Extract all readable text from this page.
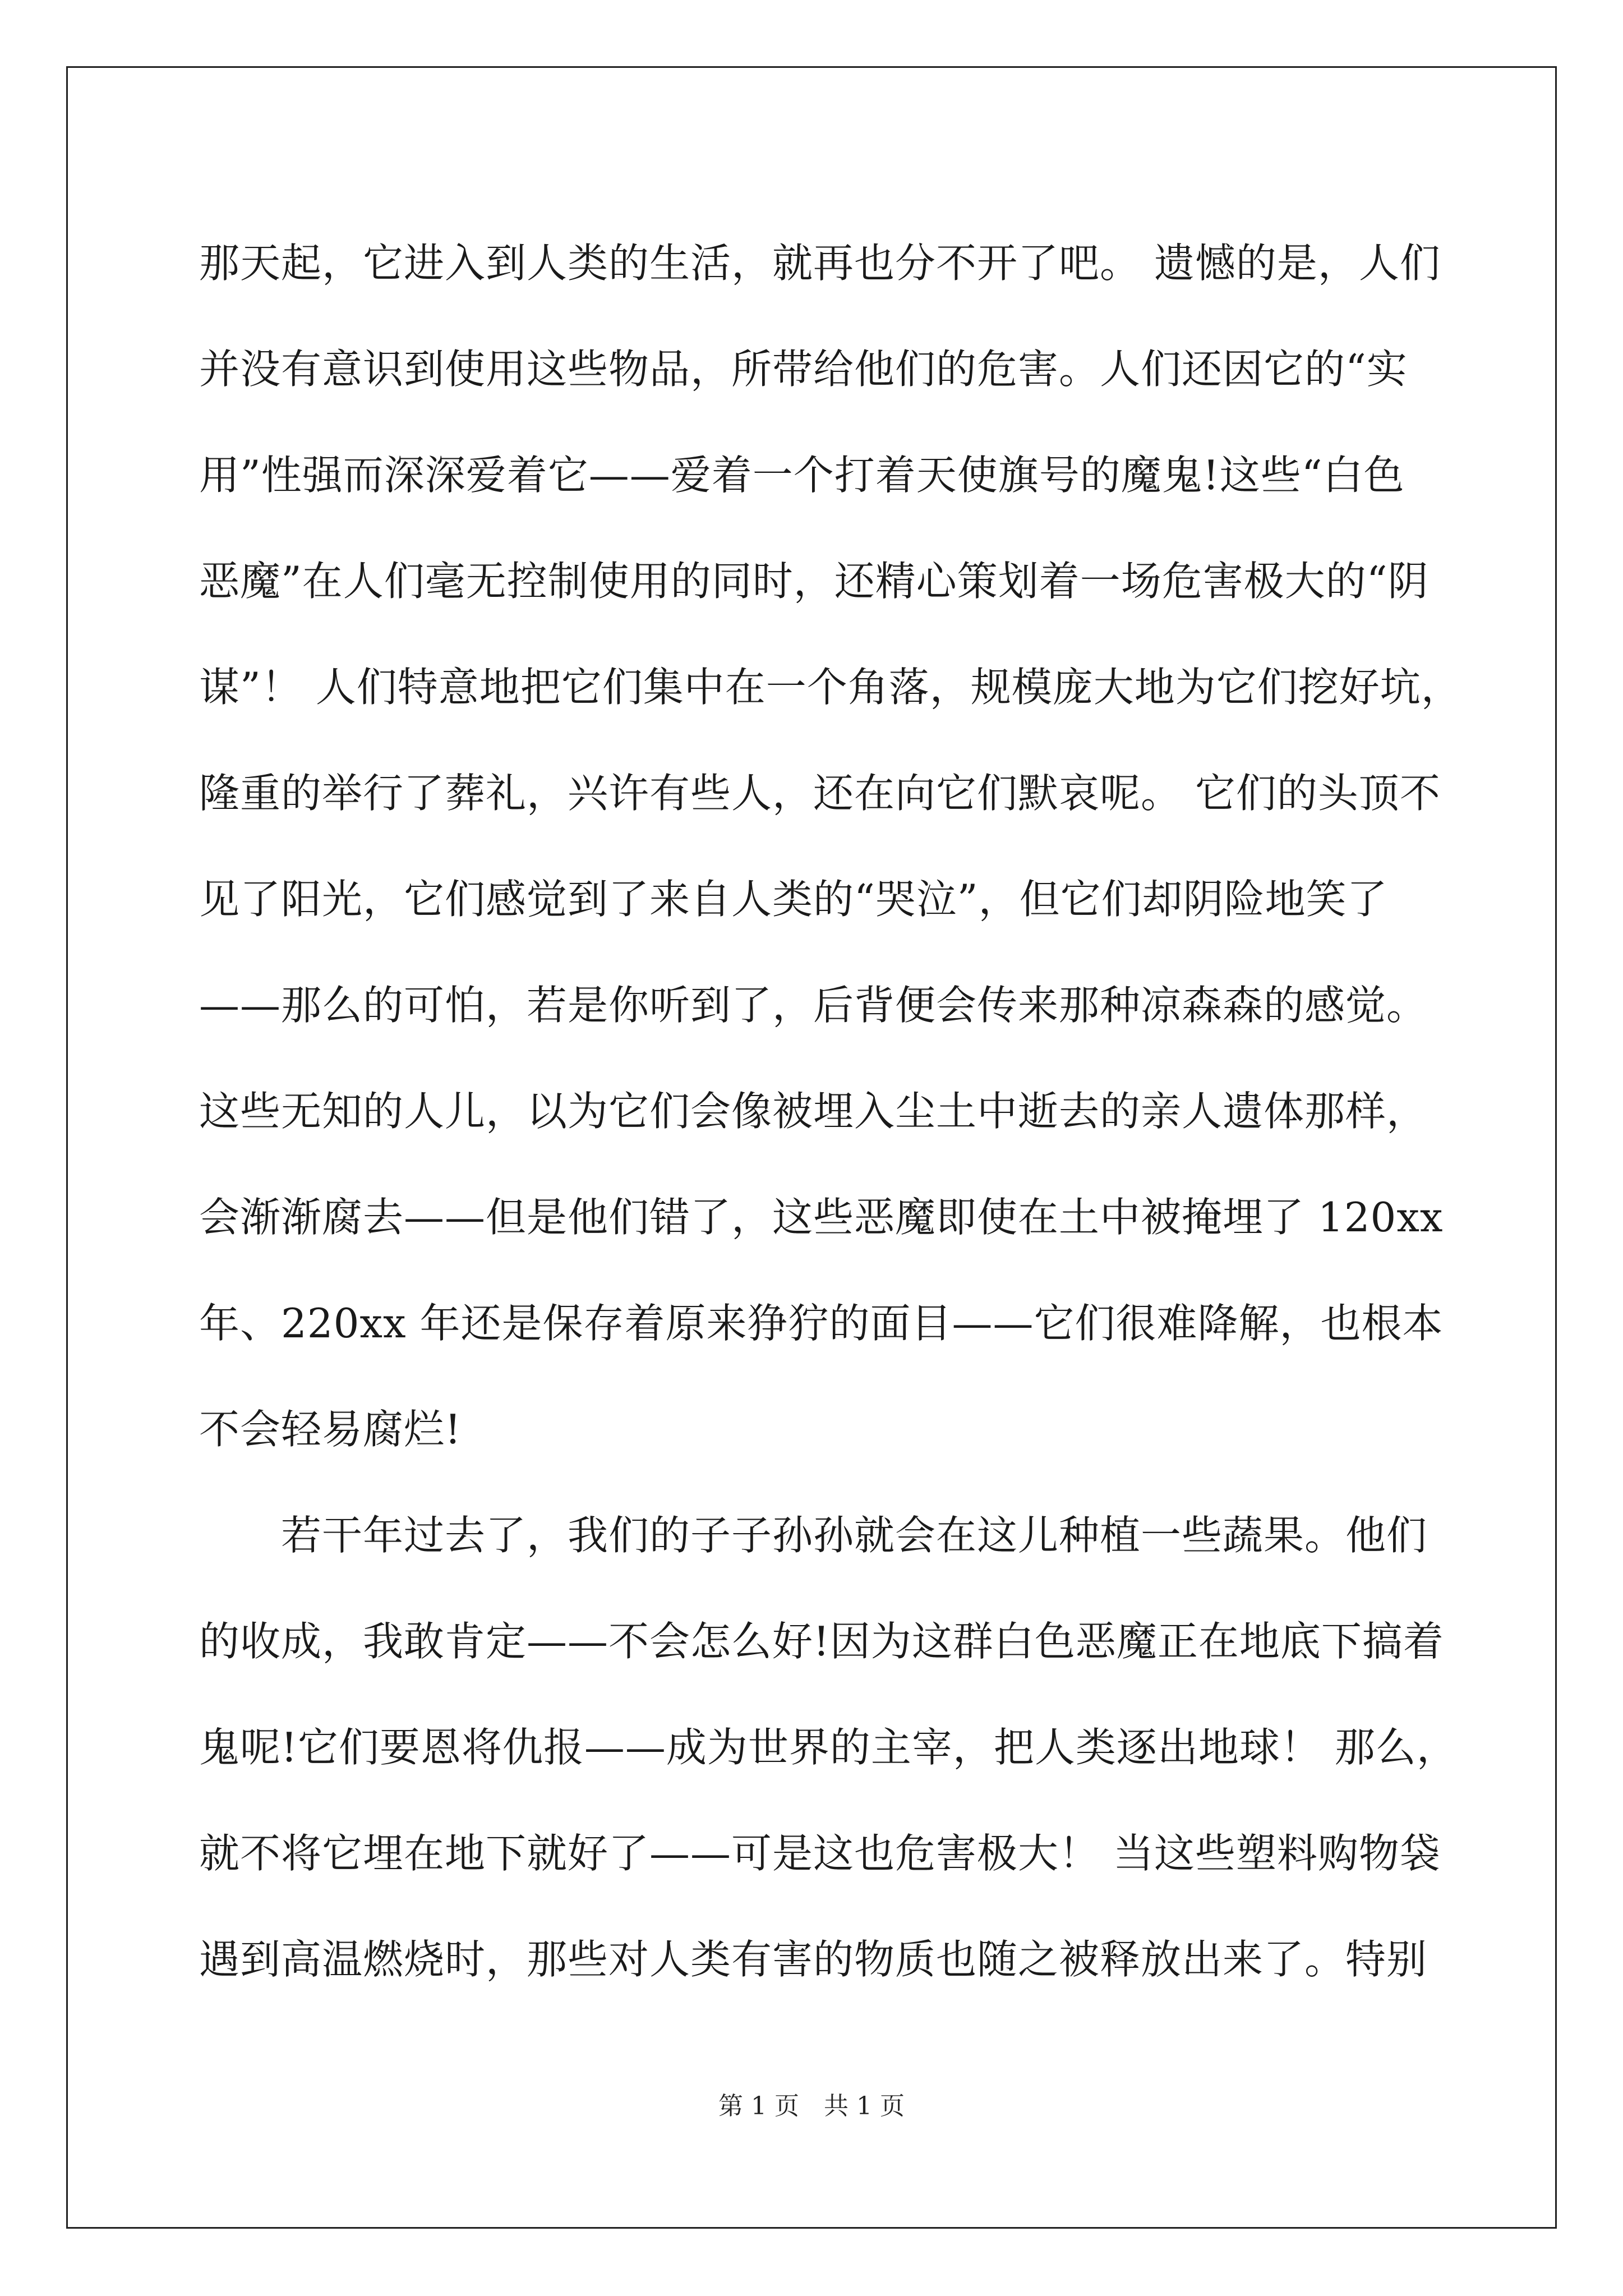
那天起，它进入到人类的生活，就再也分不开了吧。 遗憾的是，人们
并没有意识到使用这些物品，所带给他们的危害。人们还因它的“实
用”性强而深深爱着它——爱着一个打着天使旗号的魔鬼!这些“白色
恶魔”在人们毫无控制使用的同时，还精心策划着一场危害极大的“阴
谋”！ 人们特意地把它们集中在一个角落，规模庞大地为它们挖好坑，
隆重的举行了葬礼，兴许有些人，还在向它们默哀呢。 它们的头顶不
见了阳光，它们感觉到了来自人类的“哭泣”，但它们却阴险地笑了
——那么的可怕，若是你听到了，后背便会传来那种凉森森的感觉。
这些无知的人儿，以为它们会像被埋入尘土中逝去的亲人遗体那样，
会渐渐腐去——但是他们错了，这些恶魔即使在土中被掩埋了 120xx
年、220xx 年还是保存着原来狰狞的面目——它们很难降解，也根本
不会轻易腐烂!
　　若干年过去了，我们的子子孙孙就会在这儿种植一些蔬果。他们
的收成，我敢肯定——不会怎么好!因为这群白色恶魔正在地底下搞着
鬼呢!它们要恩将仇报——成为世界的主宰，把人类逐出地球！ 那么，
就不将它埋在地下就好了——可是这也危害极大！ 当这些塑料购物袋
遇到高温燃烧时，那些对人类有害的物质也随之被释放出来了。特别
第 1 页　共 1 页
